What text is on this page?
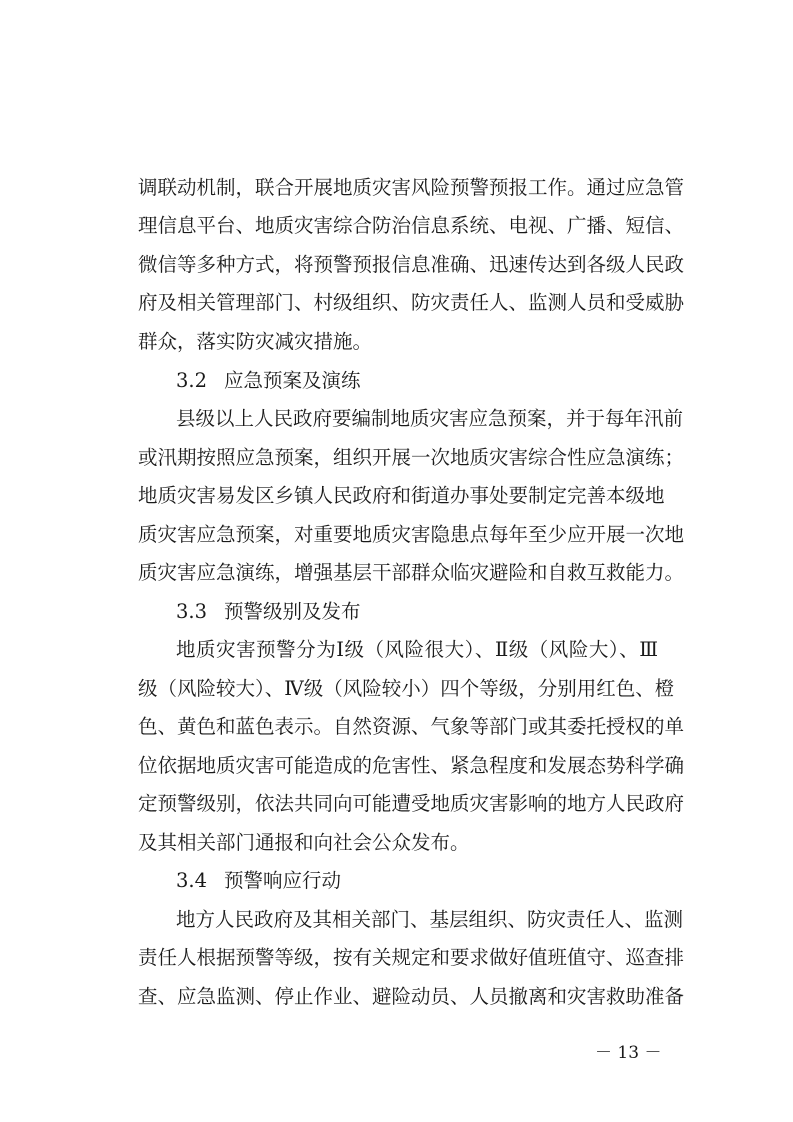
调联动机制，联合开展地质灾害风险预警预报工作。通过应急管
理信息平台、地质灾害综合防治信息系统、电视、广播、短信、
微信等多种方式，将预警预报信息准确、迅速传达到各级人民政
府及相关管理部门、村级组织、防灾责任人、监测人员和受威胁
群众，落实防灾减灾措施。
3.2 应急预案及演练
县级以上人民政府要编制地质灾害应急预案，并于每年汛前
或汛期按照应急预案，组织开展一次地质灾害综合性应急演练；
地质灾害易发区乡镇人民政府和街道办事处要制定完善本级地
质灾害应急预案，对重要地质灾害隐患点每年至少应开展一次地
质灾害应急演练，增强基层干部群众临灾避险和自救互救能力。
3.3 预警级别及发布
地质灾害预警分为Ⅰ级（风险很大）、Ⅱ级（风险大）、Ⅲ
级（风险较大）、Ⅳ级（风险较小）四个等级，分别用红色、橙
色、黄色和蓝色表示。自然资源、气象等部门或其委托授权的单
位依据地质灾害可能造成的危害性、紧急程度和发展态势科学确
定预警级别，依法共同向可能遭受地质灾害影响的地方人民政府
及其相关部门通报和向社会公众发布。
3.4 预警响应行动
地方人民政府及其相关部门、基层组织、防灾责任人、监测
责任人根据预警等级，按有关规定和要求做好值班值守、巡查排
查、应急监测、停止作业、避险动员、人员撤离和灾害救助准备
－ 13 －
